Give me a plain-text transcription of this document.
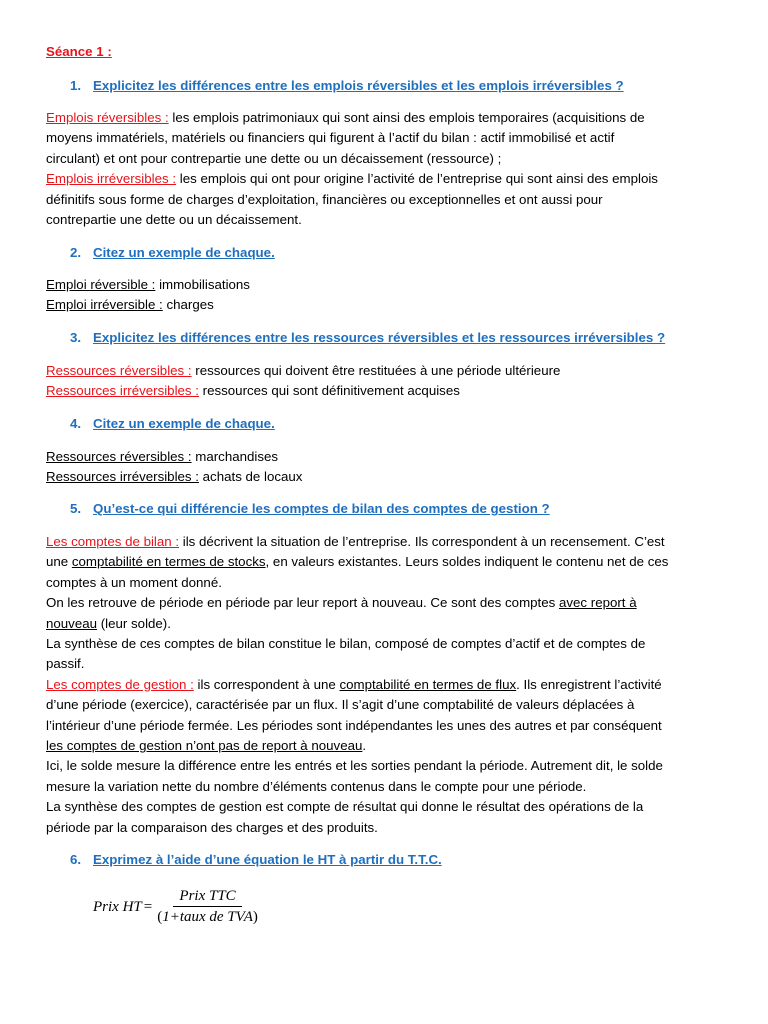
Séance 1 :

1. Explicitez les différences entre les emplois réversibles et les emplois irréversibles ?

Emplois réversibles : les emplois patrimoniaux qui sont ainsi des emplois temporaires (acquisitions de
moyens immatériels, matériels ou financiers qui figurent à l’actif du bilan : actif immobilisé et actif
circulant) et ont pour contrepartie une dette ou un décaissement (ressource) ;
Emplois irréversibles : les emplois qui ont pour origine l’activité de l’entreprise qui sont ainsi des emplois
définitifs sous forme de charges d’exploitation, financières ou exceptionnelles et ont aussi pour
contrepartie une dette ou un décaissement.

2. Citez un exemple de chaque.

Emploi réversible : immobilisations
Emploi irréversible : charges

3. Explicitez les différences entre les ressources réversibles et les ressources irréversibles ?

Ressources réversibles : ressources qui doivent être restituées à une période ultérieure
Ressources irréversibles : ressources qui sont définitivement acquises

4. Citez un exemple de chaque.

Ressources réversibles : marchandises
Ressources irréversibles : achats de locaux

5. Qu’est-ce qui différencie les comptes de bilan des comptes de gestion ?

Les comptes de bilan : ils décrivent la situation de l’entreprise. Ils correspondent à un recensement. C’est
une comptabilité en termes de stocks, en valeurs existantes. Leurs soldes indiquent le contenu net de ces
comptes à un moment donné.
On les retrouve de période en période par leur report à nouveau. Ce sont des comptes avec report à
nouveau (leur solde).
La synthèse de ces comptes de bilan constitue le bilan, composé de comptes d’actif et de comptes de
passif.
Les comptes de gestion : ils correspondent à une comptabilité en termes de flux. Ils enregistrent l’activité
d’une période (exercice), caractérisée par un flux. Il s’agit d’une comptabilité de valeurs déplacées à
l’intérieur d’une période fermée. Les périodes sont indépendantes les unes des autres et par conséquent
les comptes de gestion n’ont pas de report à nouveau.
Ici, le solde mesure la différence entre les entrés et les sorties pendant la période. Autrement dit, le solde
mesure la variation nette du nombre d’éléments contenus dans le compte pour une période.
La synthèse des comptes de gestion est compte de résultat qui donne le résultat des opérations de la
période par la comparaison des charges et des produits.

6. Exprimez à l’aide d’une équation le HT à partir du T.T.C.

Prix HT = $\frac{\text{Prix TTC}}{\text{(1+taux de TVA)}}$
